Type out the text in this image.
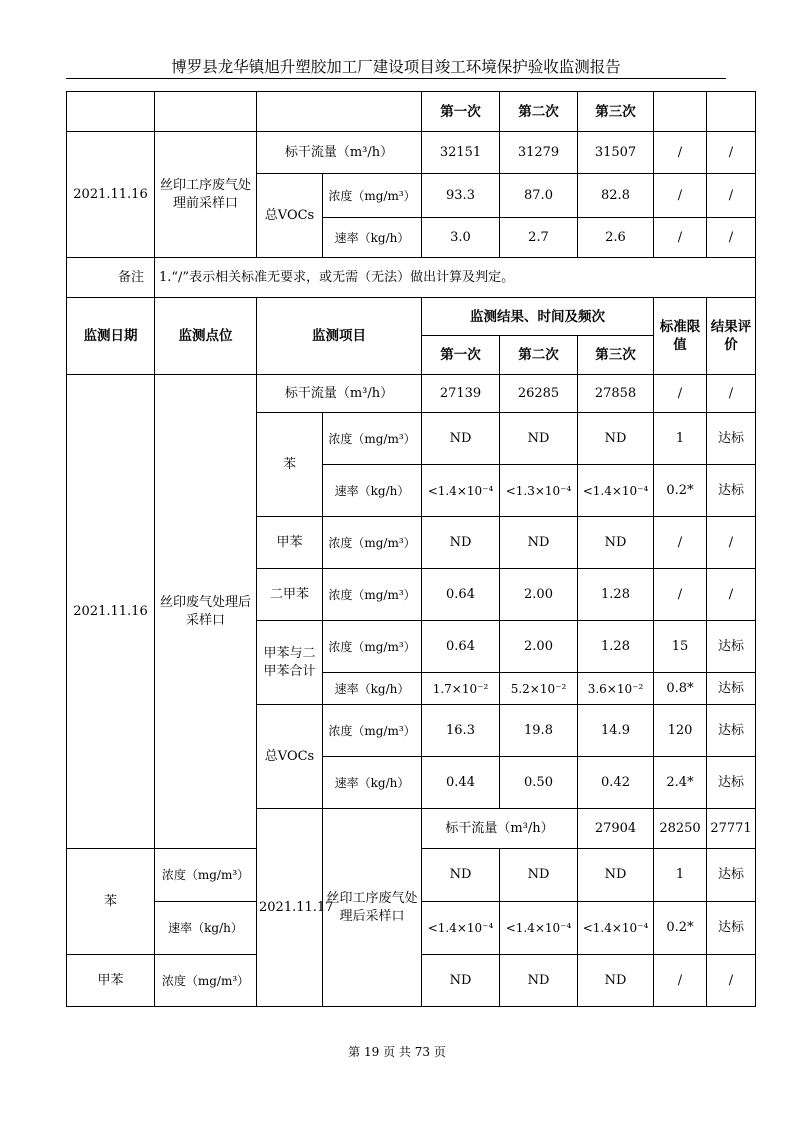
博罗县龙华镇旭升塑胶加工厂建设项目竣工环境保护验收监测报告
				第一次	第二次	第三次			
2021.11.16	丝印工序废气处理前采样口	标干流量（m³/h）		32151	31279	31507	/	/	
		总VOCs	浓度（mg/m³）	93.3	87.0	82.8	/	/	
			速率（kg/h）	3.0	2.7	2.6	/	/	
备注	1.“/”表示相关标准无要求，或无需（无法）做出计算及判定。								
监测日期	监测点位	监测项目		监测结果、时间及频次			标准限值	结果评价	
				第一次	第二次	第三次			
2021.11.16	丝印废气处理后采样口	标干流量（m³/h）		27139	26285	27858	/	/	
		苯	浓度（mg/m³）	ND	ND	ND	1	达标	
			速率（kg/h）	<1.4×10⁻⁴	<1.3×10⁻⁴	<1.4×10⁻⁴	0.2*	达标	
		甲苯	浓度（mg/m³）	ND	ND	ND	/	/	
		二甲苯	浓度（mg/m³）	0.64	2.00	1.28	/	/	
		甲苯与二甲苯合计	浓度（mg/m³）	0.64	2.00	1.28	15	达标	
			速率（kg/h）	1.7×10⁻²	5.2×10⁻²	3.6×10⁻²	0.8*	达标	
		总VOCs	浓度（mg/m³）	16.3	19.8	14.9	120	达标	
			速率（kg/h）	0.44	0.50	0.42	2.4*	达标	
		2021.11.17	丝印工序废气处理后采样口	标干流量（m³/h）		27904	28250	27771		
苯	浓度（mg/m³）			ND	ND	ND	1	达标	
	速率（kg/h）			<1.4×10⁻⁴	<1.4×10⁻⁴	<1.4×10⁻⁴	0.2*	达标	
甲苯	浓度（mg/m³）			ND	ND	ND	/	/	
第 19 页 共 73 页
